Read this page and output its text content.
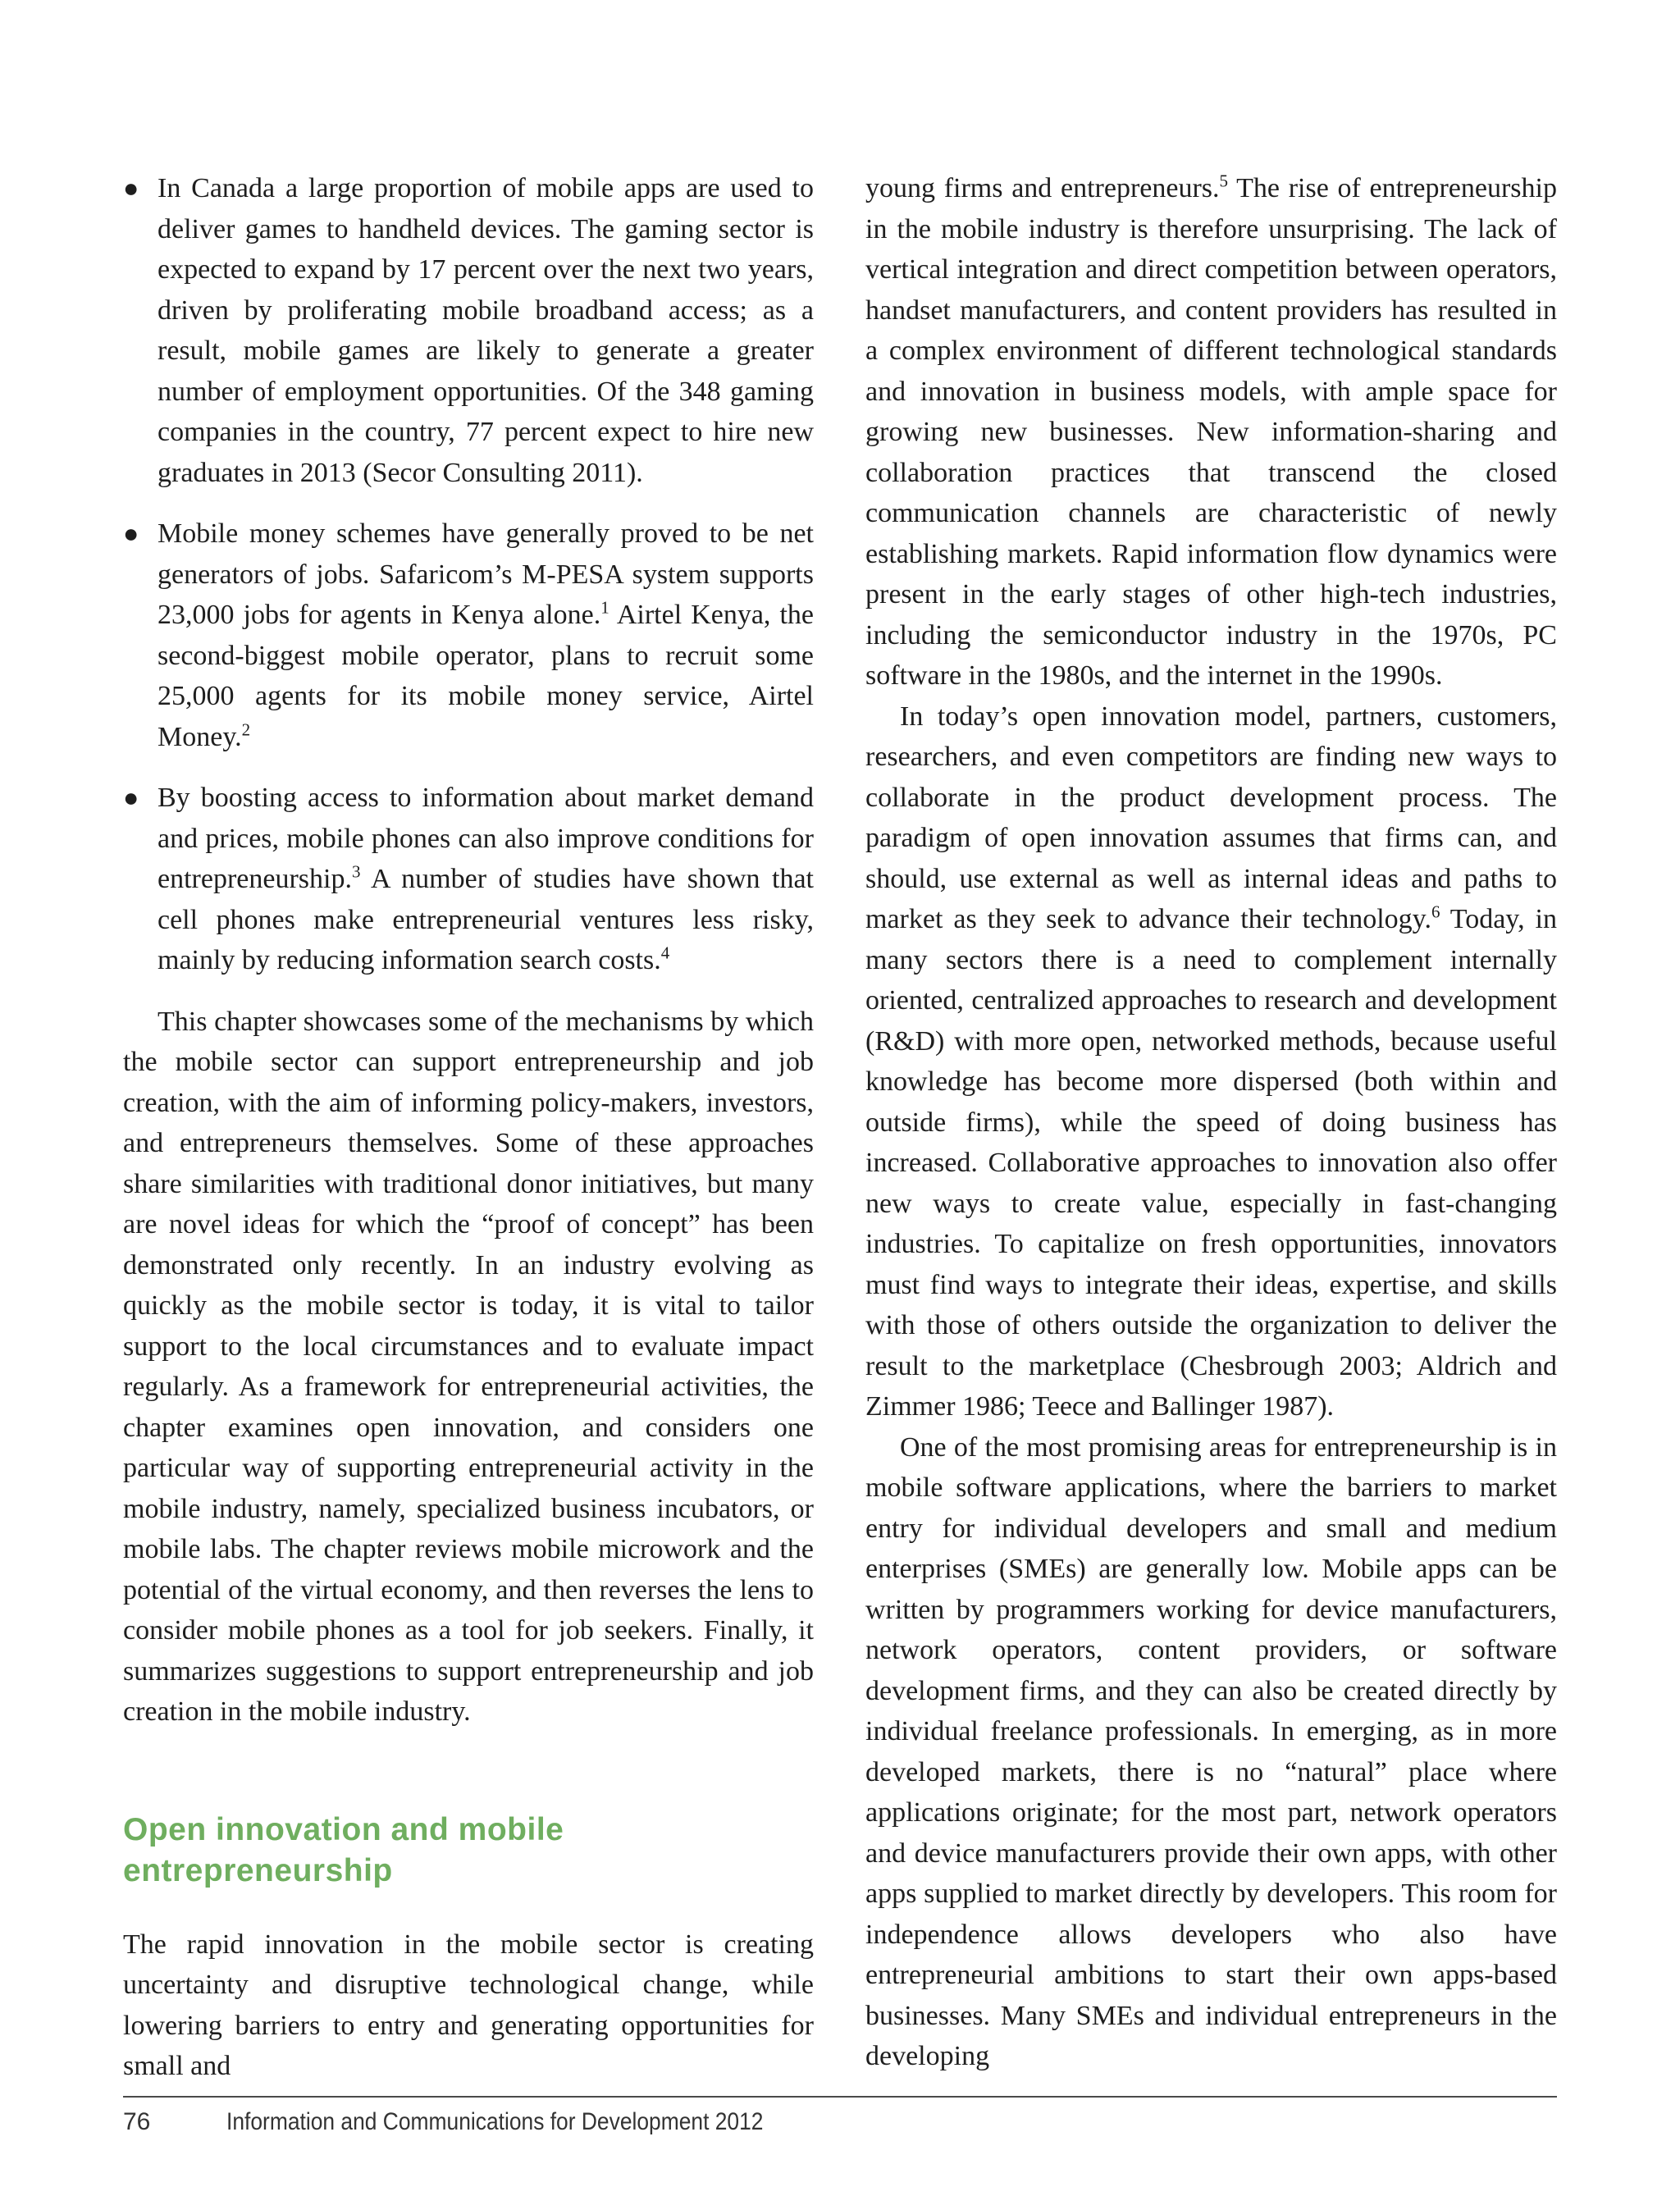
● In Canada a large proportion of mobile apps are used to deliver games to handheld devices. The gaming sector is expected to expand by 17 percent over the next two years, driven by proliferating mobile broadband access; as a result, mobile games are likely to generate a greater number of employment opportunities. Of the 348 gaming companies in the country, 77 percent expect to hire new graduates in 2013 (Secor Consulting 2011).
● Mobile money schemes have generally proved to be net generators of jobs. Safaricom’s M-PESA system supports 23,000 jobs for agents in Kenya alone.$^1$ Airtel Kenya, the second-biggest mobile operator, plans to recruit some 25,000 agents for its mobile money service, Airtel Money.$^2$
● By boosting access to information about market demand and prices, mobile phones can also improve conditions for entrepreneurship.$^3$ A number of studies have shown that cell phones make entrepreneurial ventures less risky, mainly by reducing information search costs.$^4$

This chapter showcases some of the mechanisms by which the mobile sector can support entrepreneurship and job creation, with the aim of informing policy-makers, investors, and entrepreneurs themselves. Some of these approaches share similarities with traditional donor initiatives, but many are novel ideas for which the “proof of concept” has been demonstrated only recently. In an industry evolving as quickly as the mobile sector is today, it is vital to tailor support to the local circumstances and to evaluate impact regularly. As a framework for entrepreneurial activities, the chapter examines open innovation, and considers one particular way of supporting entrepreneurial activity in the mobile industry, namely, specialized business incubators, or mobile labs. The chapter reviews mobile microwork and the potential of the virtual economy, and then reverses the lens to consider mobile phones as a tool for job seekers. Finally, it summarizes suggestions to support entrepreneurship and job creation in the mobile industry.

Open innovation and mobile
entrepreneurship

The rapid innovation in the mobile sector is creating uncertainty and disruptive technological change, while lowering barriers to entry and generating opportunities for small and

young firms and entrepreneurs.$^5$ The rise of entrepreneurship in the mobile industry is therefore unsurprising. The lack of vertical integration and direct competition between operators, handset manufacturers, and content providers has resulted in a complex environment of different technological standards and innovation in business models, with ample space for growing new businesses. New information-sharing and collaboration practices that transcend the closed communication channels are characteristic of newly establishing markets. Rapid information flow dynamics were present in the early stages of other high-tech industries, including the semiconductor industry in the 1970s, PC software in the 1980s, and the internet in the 1990s.

In today’s open innovation model, partners, customers, researchers, and even competitors are finding new ways to collaborate in the product development process. The paradigm of open innovation assumes that firms can, and should, use external as well as internal ideas and paths to market as they seek to advance their technology.$^6$ Today, in many sectors there is a need to complement internally oriented, centralized approaches to research and development (R&D) with more open, networked methods, because useful knowledge has become more dispersed (both within and outside firms), while the speed of doing business has increased. Collaborative approaches to innovation also offer new ways to create value, especially in fast-changing industries. To capitalize on fresh opportunities, innovators must find ways to integrate their ideas, expertise, and skills with those of others outside the organization to deliver the result to the marketplace (Chesbrough 2003; Aldrich and Zimmer 1986; Teece and Ballinger 1987).

One of the most promising areas for entrepreneurship is in mobile software applications, where the barriers to market entry for individual developers and small and medium enterprises (SMEs) are generally low. Mobile apps can be written by programmers working for device manufacturers, network operators, content providers, or software development firms, and they can also be created directly by individual freelance professionals. In emerging, as in more developed markets, there is no “natural” place where applications originate; for the most part, network operators and device manufacturers provide their own apps, with other apps supplied to market directly by developers. This room for independence allows developers who also have entrepreneurial ambitions to start their own apps-based businesses. Many SMEs and individual entrepreneurs in the developing

76	Information and Communications for Development 2012
